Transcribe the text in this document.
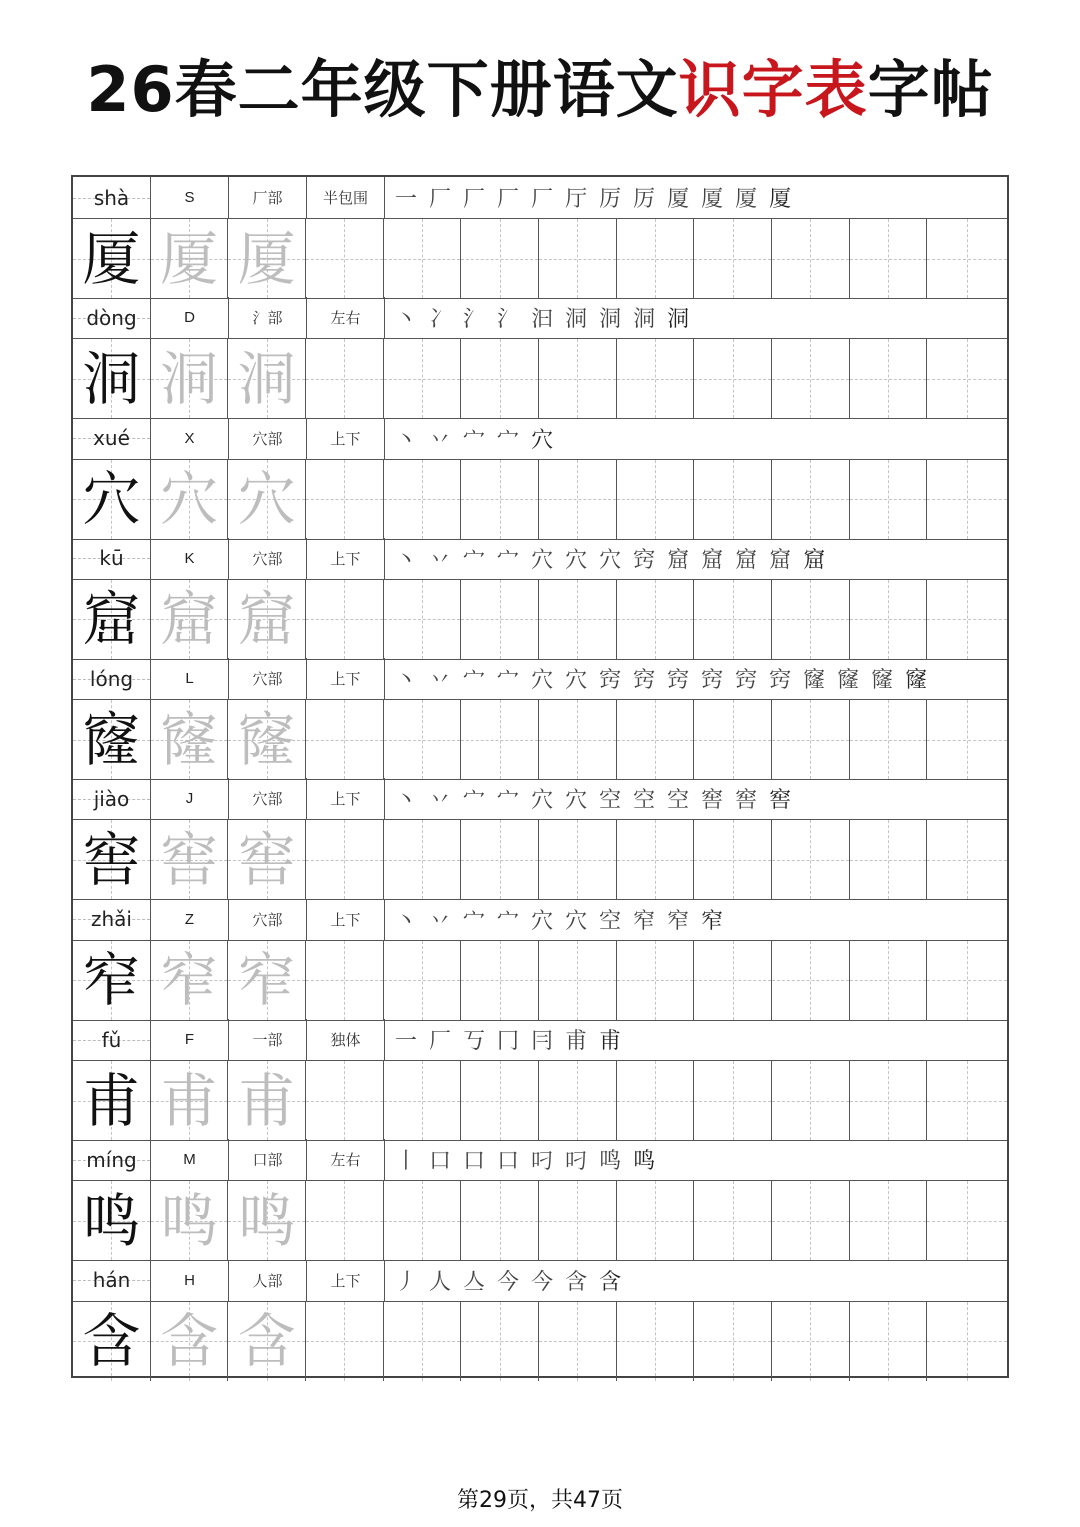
26春二年级下册语文识字表字帖
shà	S	厂部	半包围 一 厂 厂 厂 厂 厅 厉 厉 厦 厦 厦 厦
厦 厦 厦
dòng	D	氵部	左右 丶 冫 氵 氵 汩 洞 洞 洞 洞
洞 洞 洞
xué	X	穴部	上下 丶 丷 宀 宀 穴
穴 穴 穴
kū	K	穴部	上下 丶 丷 宀 宀 穴 穴 穴 窍 窟 窟 窟 窟 窟
窟 窟 窟
lóng	L	穴部	上下 丶 丷 宀 宀 穴 穴 窍 窍 窍 窍 窍 窍 窿 窿 窿 窿
窿 窿 窿
jiào	J	穴部	上下 丶 丷 宀 宀 穴 穴 空 空 空 窖 窖 窖
窖 窖 窖
zhǎi	Z	穴部	上下 丶 丷 宀 宀 穴 穴 空 窄 窄 窄
窄 窄 窄
fǔ	F	一部	独体 一 厂 丂 冂 冃 甫 甫
甫 甫 甫
míng	M	口部	左右 丨 口 口 口 叼 叼 鸣 鸣
鸣 鸣 鸣
hán	H	人部	上下 丿 人 亼 今 今 含 含
含 含 含
第29页，共47页
